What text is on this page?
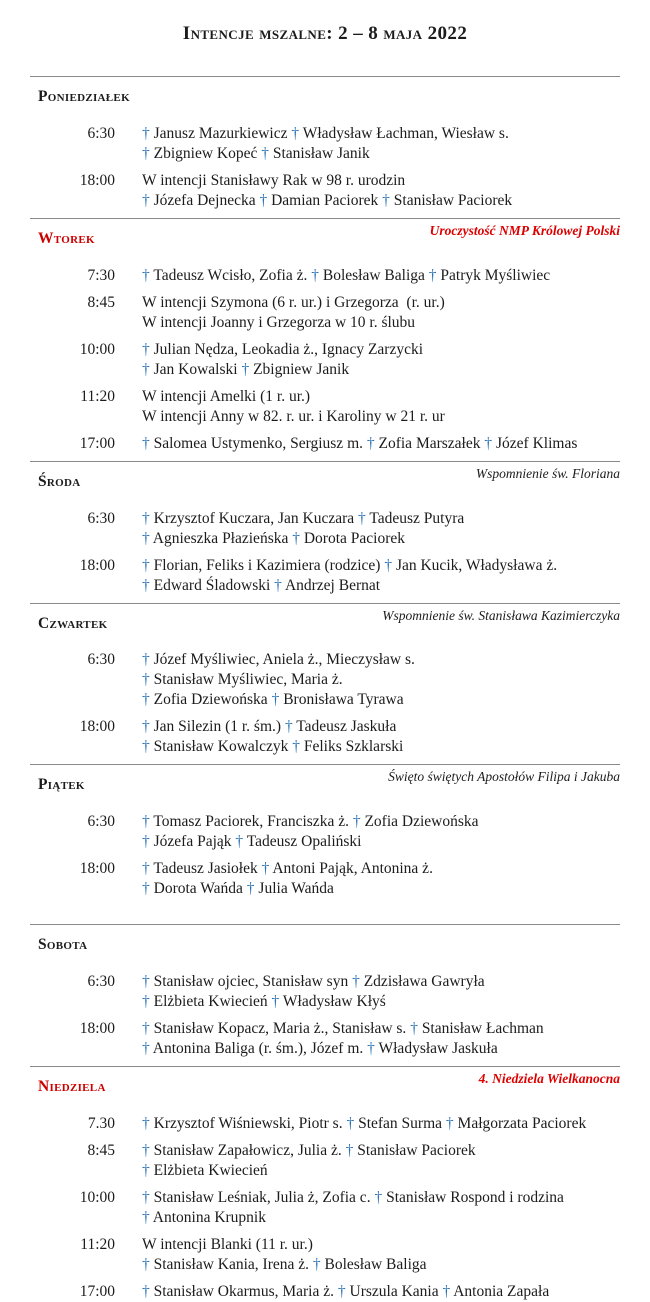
Intencje mszalne: 2 – 8 maja 2022
Poniedziałek
6:30 † Janusz Mazurkiewicz † Władysław Łachman, Wiesław s.
† Zbigniew Kopeć † Stanisław Janik
18:00 W intencji Stanisławy Rak w 98 r. urodzin
† Józefa Dejnecka † Damian Paciorek † Stanisław Paciorek
Uroczystość NMP Królowej Polski
Wtorek
7:30 † Tadeusz Wcisło, Zofia ż. † Bolesław Baliga † Patryk Myśliwiec
8:45 W intencji Szymona (6 r. ur.) i Grzegorza  (r. ur.)
W intencji Joanny i Grzegorza w 10 r. ślubu
10:00 † Julian Nędza, Leokadia ż., Ignacy Zarzycki
† Jan Kowalski † Zbigniew Janik
11:20 W intencji Amelki (1 r. ur.)
W intencji Anny w 82. r. ur. i Karoliny w 21 r. ur
17:00 † Salomea Ustymenko, Sergiusz m. † Zofia Marszałek † Józef Klimas
Wspomnienie św. Floriana
Środa
6:30 † Krzysztof Kuczara, Jan Kuczara † Tadeusz Putyra
† Agnieszka Płazieńska † Dorota Paciorek
18:00 † Florian, Feliks i Kazimiera (rodzice) † Jan Kucik, Władysława ż.
† Edward Śladowski † Andrzej Bernat
Wspomnienie św. Stanisława Kazimierczyka
Czwartek
6:30 † Józef Myśliwiec, Aniela ż., Mieczysław s.
† Stanisław Myśliwiec, Maria ż.
† Zofia Dziewońska † Bronisława Tyrawa
18:00 † Jan Silezin (1 r. śm.) † Tadeusz Jaskuła
† Stanisław Kowalczyk † Feliks Szklarski
Święto świętych Apostołów Filipa i Jakuba
Piątek
6:30 † Tomasz Paciorek, Franciszka ż. † Zofia Dziewońska
† Józefa Pająk † Tadeusz Opaliński
18:00 † Tadeusz Jasiołek † Antoni Pająk, Antonina ż.
† Dorota Wańda † Julia Wańda
Sobota
6:30 † Stanisław ojciec, Stanisław syn † Zdzisława Gawryła
† Elżbieta Kwiecień † Władysław Kłyś
18:00 † Stanisław Kopacz, Maria ż., Stanisław s. † Stanisław Łachman
† Antonina Baliga (r. śm.), Józef m. † Władysław Jaskuła
4. Niedziela Wielkanocna
Niedziela
7.30 † Krzysztof Wiśniewski, Piotr s. † Stefan Surma † Małgorzata Paciorek
8:45 † Stanisław Zapałowicz, Julia ż. † Stanisław Paciorek
† Elżbieta Kwiecień
10:00 † Stanisław Leśniak, Julia ż, Zofia c. † Stanisław Rospond i rodzina
† Antonina Krupnik
11:20 W intencji Blanki (11 r. ur.)
† Stanisław Kania, Irena ż. † Bolesław Baliga
17:00 † Stanisław Okarmus, Maria ż. † Urszula Kania † Antonia Zapała
